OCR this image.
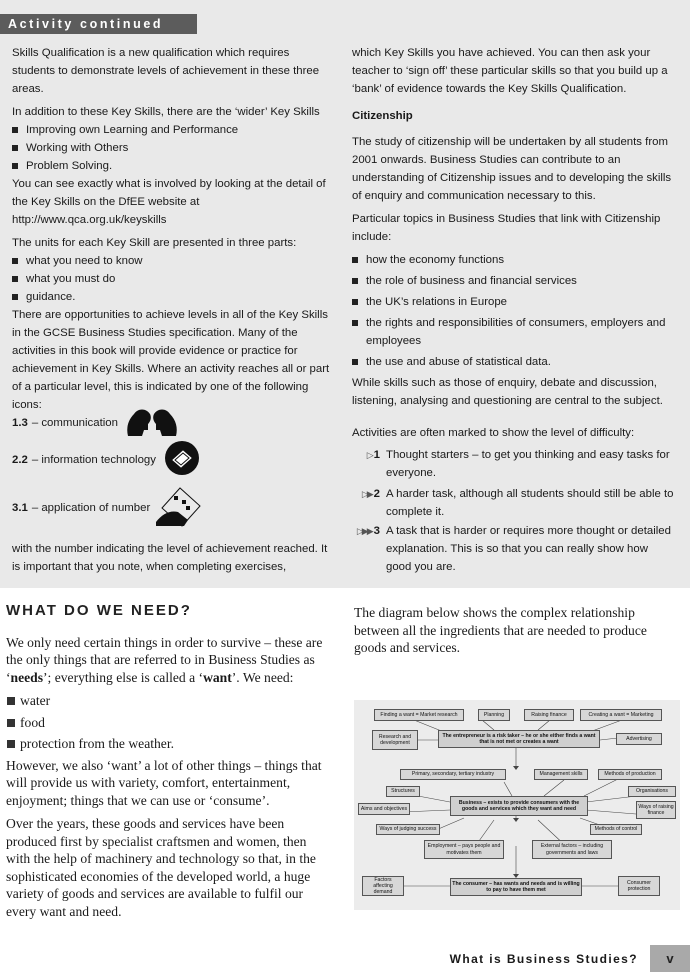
Activity continued

Skills Qualification is a new qualification which requires students to demonstrate levels of achievement in these three areas.

In addition to these Key Skills, there are the ‘wider’ Key Skills

Improving own Learning and Performance
Working with Others
Problem Solving.

You can see exactly what is involved by looking at the detail of the Key Skills on the DfEE website at http://www.qca.org.uk/keyskills

The units for each Key Skill are presented in three parts:

what you need to know
what you must do
guidance.

There are opportunities to achieve levels in all of the Key Skills in the GCSE Business Studies specification. Many of the activities in this book will provide evidence or practice for achievement in Key Skills. Where an activity reaches all or part of a particular level, this is indicated by one of the following icons:

1.3 – communication
2.2 – information technology
3.1 – application of number

with the number indicating the level of achievement reached. It is important that you note, when completing exercises,

which Key Skills you have achieved. You can then ask your teacher to ‘sign off’ these particular skills so that you build up a ‘bank’ of evidence towards the Key Skills Qualification.

Citizenship

The study of citizenship will be undertaken by all students from 2001 onwards. Business Studies can contribute to an understanding of Citizenship issues and to developing the skills of enquiry and communication necessary to this.

Particular topics in Business Studies that link with Citizenship include:

how the economy functions
the role of business and financial services
the UK’s relations in Europe
the rights and responsibilities of consumers, employers and employees
the use and abuse of statistical data.

While skills such as those of enquiry, debate and discussion, listening, analysing and questioning are central to the subject.

Activities are often marked to show the level of difficulty:

▷ 1 Thought starters – to get you thinking and easy tasks for everyone.
▷▶ 2 A harder task, although all students should still be able to complete it.
▷▶▶ 3 A task that is harder or requires more thought or detailed explanation. This is so that you can really show how good you are.
WHAT DO WE NEED?

We only need certain things in order to survive – these are the only things that are referred to in Business Studies as ‘needs’; everything else is called a ‘want’. We need:

water
food
protection from the weather.

However, we also ‘want’ a lot of other things – things that will provide us with variety, comfort, entertainment, enjoyment; things that we can use or ‘consume’.

Over the years, these goods and services have been produced first by specialist craftsmen and women, then with the help of machinery and technology so that, in the sophisticated economies of the developed world, a huge variety of goods and services are available to fulfil our every want and need.

The diagram below shows the complex relationship between all the ingredients that are needed to produce goods and services.
Finding a want = Market research	Planning	Raising finance	Creating a want = Marketing
Research and development
The entrepreneur is a risk taker – he or she either finds a want that is not met or creates a want
Advertising
Primary, secondary, tertiary industry	Management skills	Methods of production
Structures	Organisations
Aims and objectives
Business – exists to provide consumers with the goods and services which they want and need	Ways of raising finance
Ways of judging success	Methods of control
Employment – pays people and motivates them
External factors – including governments and laws
Factors affecting demand
The consumer – has wants and needs and is willing to pay to have them met
Consumer protection
What is Business Studies?	v
